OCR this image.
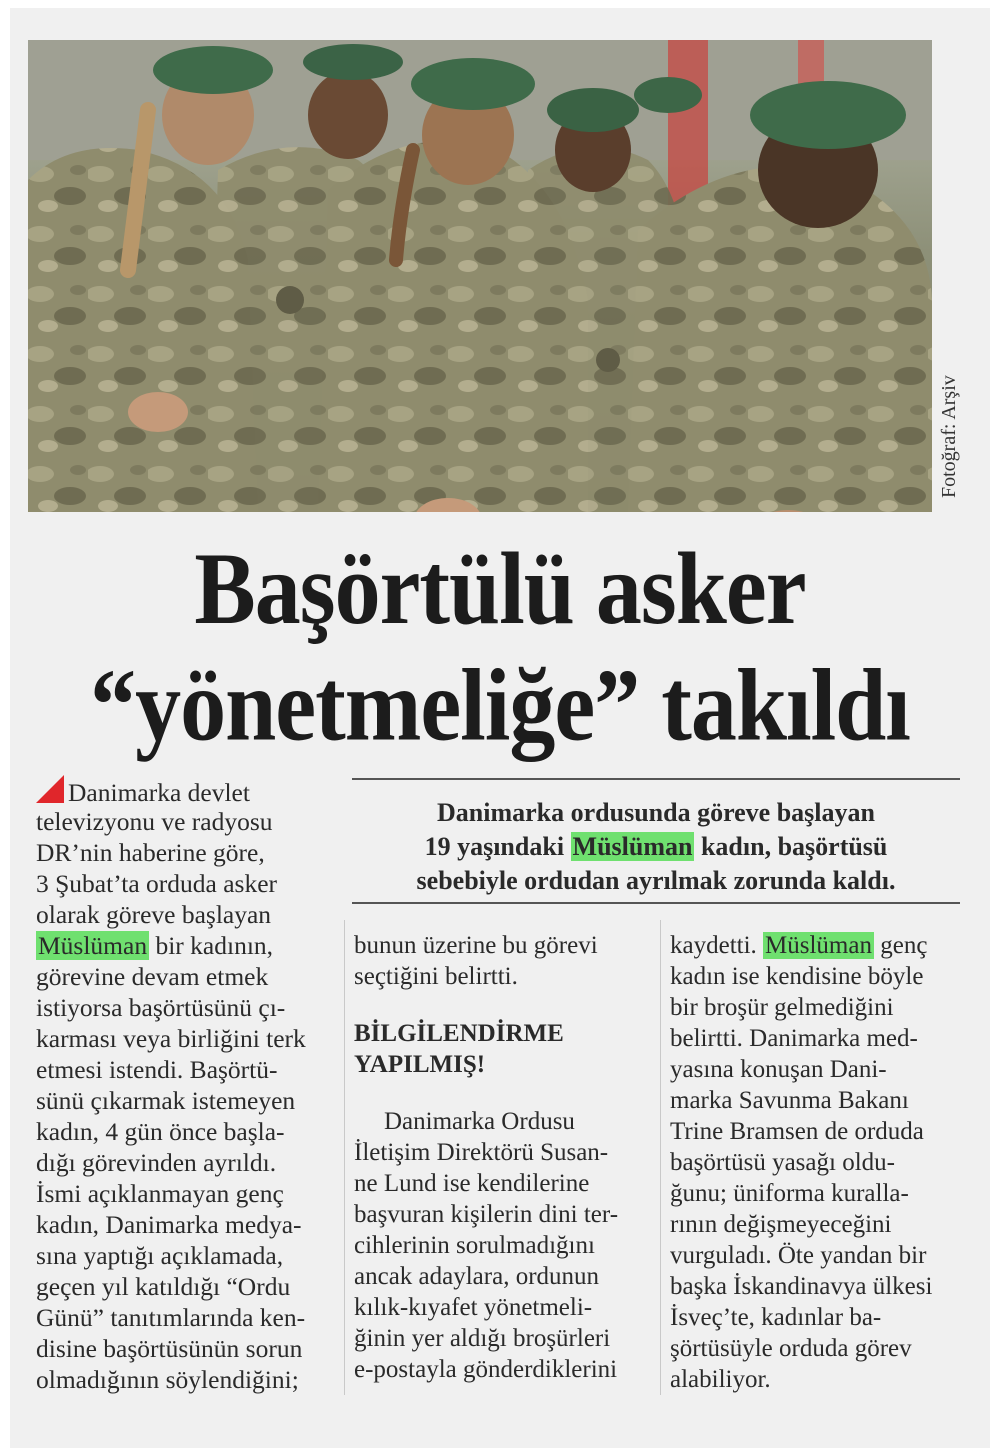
Fotoğraf: Arşiv
Başörtülü asker
“yönetmeliğe” takıldı
Danimarka ordusunda göreve başlayan
19 yaşındaki Müslüman kadın, başörtüsü
sebebiyle ordudan ayrılmak zorunda kaldı.
Danimarka devlet
televizyonu ve radyosu
DR’nin haberine göre,
3 Şubat’ta orduda asker
olarak göreve başlayan
Müslüman bir kadının,
görevine devam etmek
istiyorsa başörtüsünü çı-
karması veya birliğini terk
etmesi istendi. Başörtü-
sünü çıkarmak istemeyen
kadın, 4 gün önce başla-
dığı görevinden ayrıldı.
İsmi açıklanmayan genç
kadın, Danimarka medya-
sına yaptığı açıklamada,
geçen yıl katıldığı “Ordu
Günü” tanıtımlarında ken-
disine başörtüsünün sorun
olmadığının söylendiğini;
bunun üzerine bu görevi
seçtiğini belirtti.
BİLGİLENDİRME
YAPILMIŞ!
Danimarka Ordusu
İletişim Direktörü Susan-
ne Lund ise kendilerine
başvuran kişilerin dini ter-
cihlerinin sorulmadığını
ancak adaylara, ordunun
kılık-kıyafet yönetmeli-
ğinin yer aldığı broşürleri
e-postayla gönderdiklerini
kaydetti. Müslüman genç
kadın ise kendisine böyle
bir broşür gelmediğini
belirtti. Danimarka med-
yasına konuşan Dani-
marka Savunma Bakanı
Trine Bramsen de orduda
başörtüsü yasağı oldu-
ğunu; üniforma kuralla-
rının değişmeyeceğini
vurguladı. Öte yandan bir
başka İskandinavya ülkesi
İsveç’te, kadınlar ba-
şörtüsüyle orduda görev
alabiliyor.
